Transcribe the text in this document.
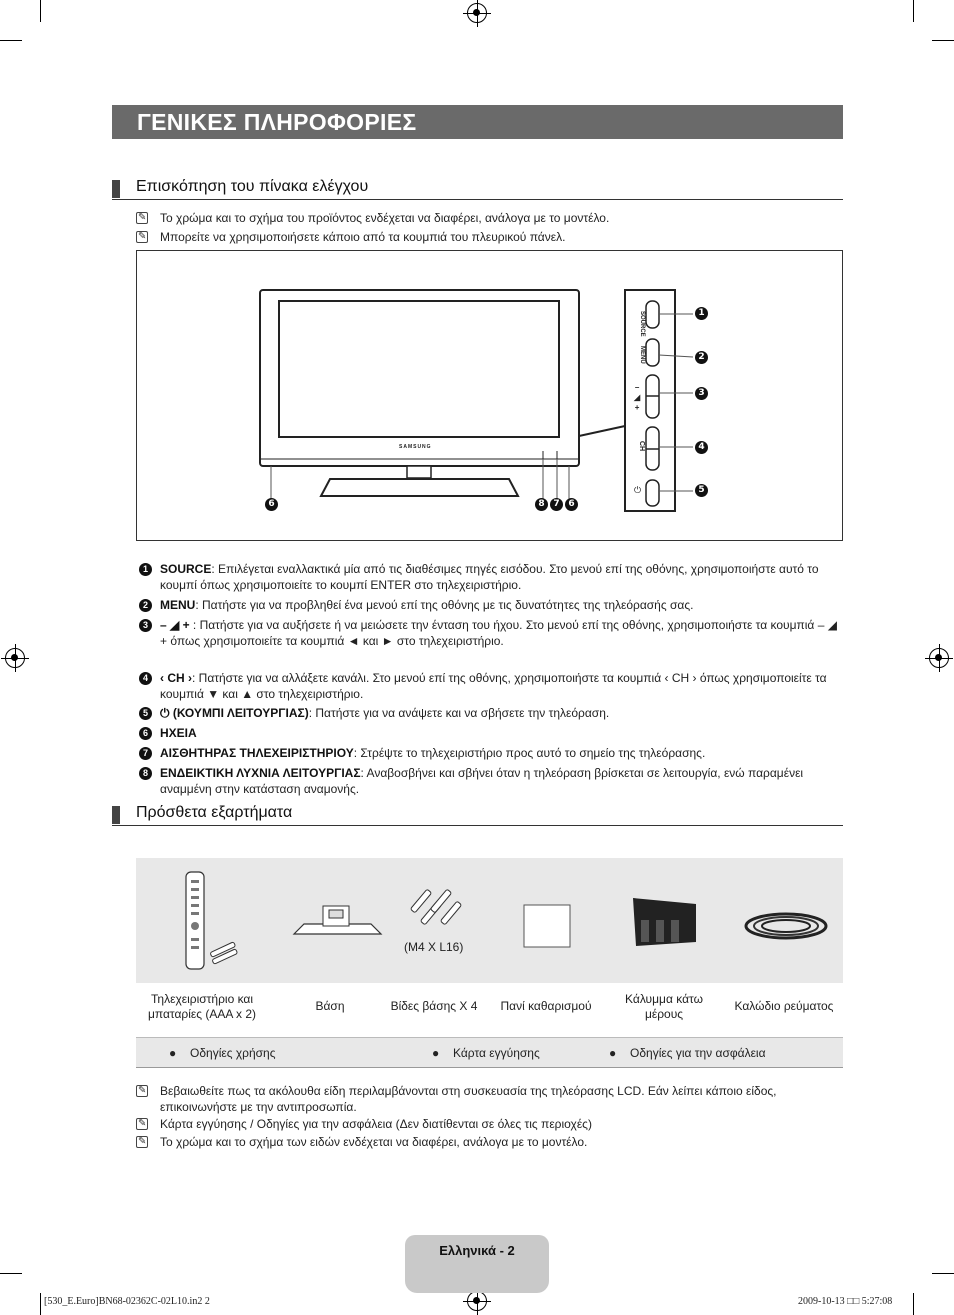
ΓΕΝΙΚΕΣ ΠΛΗΡΟΦΟΡΙΕΣ
Επισκόπηση του πίνακα ελέγχου
✎
Το χρώμα και το σχήμα του προϊόντος ενδέχεται να διαφέρει, ανάλογα με το μοντέλο.
✎
Μπορείτε να χρησιμοποιήσετε κάποιο από τα κουμπιά του πλευρικού πάνελ.
SAMSUNG
SOURCE
MENU
–
◢
+
CH
⏻
1
2
3
4
5
6	8 7 6
1	SOURCE: Επιλέγεται εναλλακτικά μία από τις διαθέσιμες πηγές εισόδου. Στο μενού επί της οθόνης, χρησιμοποιήστε αυτό το κουμπί όπως χρησιμοποιείτε το κουμπί ENTER στο τηλεχειριστήριο.
2	MENU: Πατήστε για να προβληθεί ένα μενού επί της οθόνης με τις δυνατότητες της τηλεόρασής σας.
3	– ◢ + : Πατήστε για να αυξήσετε ή να μειώσετε την ένταση του ήχου. Στο μενού επί της οθόνης, χρησιμοποιήστε τα κουμπιά – ◢ + όπως χρησιμοποιείτε τα κουμπιά ◄ και ► στο τηλεχειριστήριο.
4	‹ CH ›: Πατήστε για να αλλάξετε κανάλι. Στο μενού επί της οθόνης, χρησιμοποιήστε τα κουμπιά ‹ CH › όπως χρησιμοποιείτε τα κουμπιά ▼ και ▲ στο τηλεχειριστήριο.
5	⏻ (ΚΟΥΜΠΙ ΛΕΙΤΟΥΡΓΙΑΣ): Πατήστε για να ανάψετε και να σβήσετε την τηλεόραση.
6	ΗΧΕΙΑ
7	ΑΙΣΘΗΤΗΡΑΣ ΤΗΛΕΧΕΙΡΙΣΤΗΡΙΟΥ: Στρέψτε το τηλεχειριστήριο προς αυτό το σημείο της τηλεόρασης.
8	ΕΝΔΕΙΚΤΙΚΗ ΛΥΧΝΙΑ ΛΕΙΤΟΥΡΓΙΑΣ: Αναβοσβήνει και σβήνει όταν η τηλεόραση βρίσκεται σε λειτουργία, ενώ παραμένει αναμμένη στην κατάσταση αναμονής.
Πρόσθετα εξαρτήματα
(M4 X L16)
Τηλεχειριστήριο και μπαταρίες (AAA x 2)
Βάση	Βίδες βάσης X 4	Πανί καθαρισμού	Κάλυμμα κάτω μέρους
Καλώδιο ρεύματος
● Οδηγίες χρήσης	● Κάρτα εγγύησης	● Οδηγίες για την ασφάλεια
✎
Βεβαιωθείτε πως τα ακόλουθα είδη περιλαμβάνονται στη συσκευασία της τηλεόρασης LCD. Εάν λείπει κάποιο είδος, επικοινωνήστε με την αντιπροσωπία.
✎
Κάρτα εγγύησης / Οδηγίες για την ασφάλεια (Δεν διατίθενται σε όλες τις περιοχές)
✎
Το χρώμα και το σχήμα των ειδών ενδέχεται να διαφέρει, ανάλογα με το μοντέλο.
Ελληνικά - 2
[530_E.Euro]BN68-02362C-02L10.in2 2	2009-10-13 □□ 5:27:08
